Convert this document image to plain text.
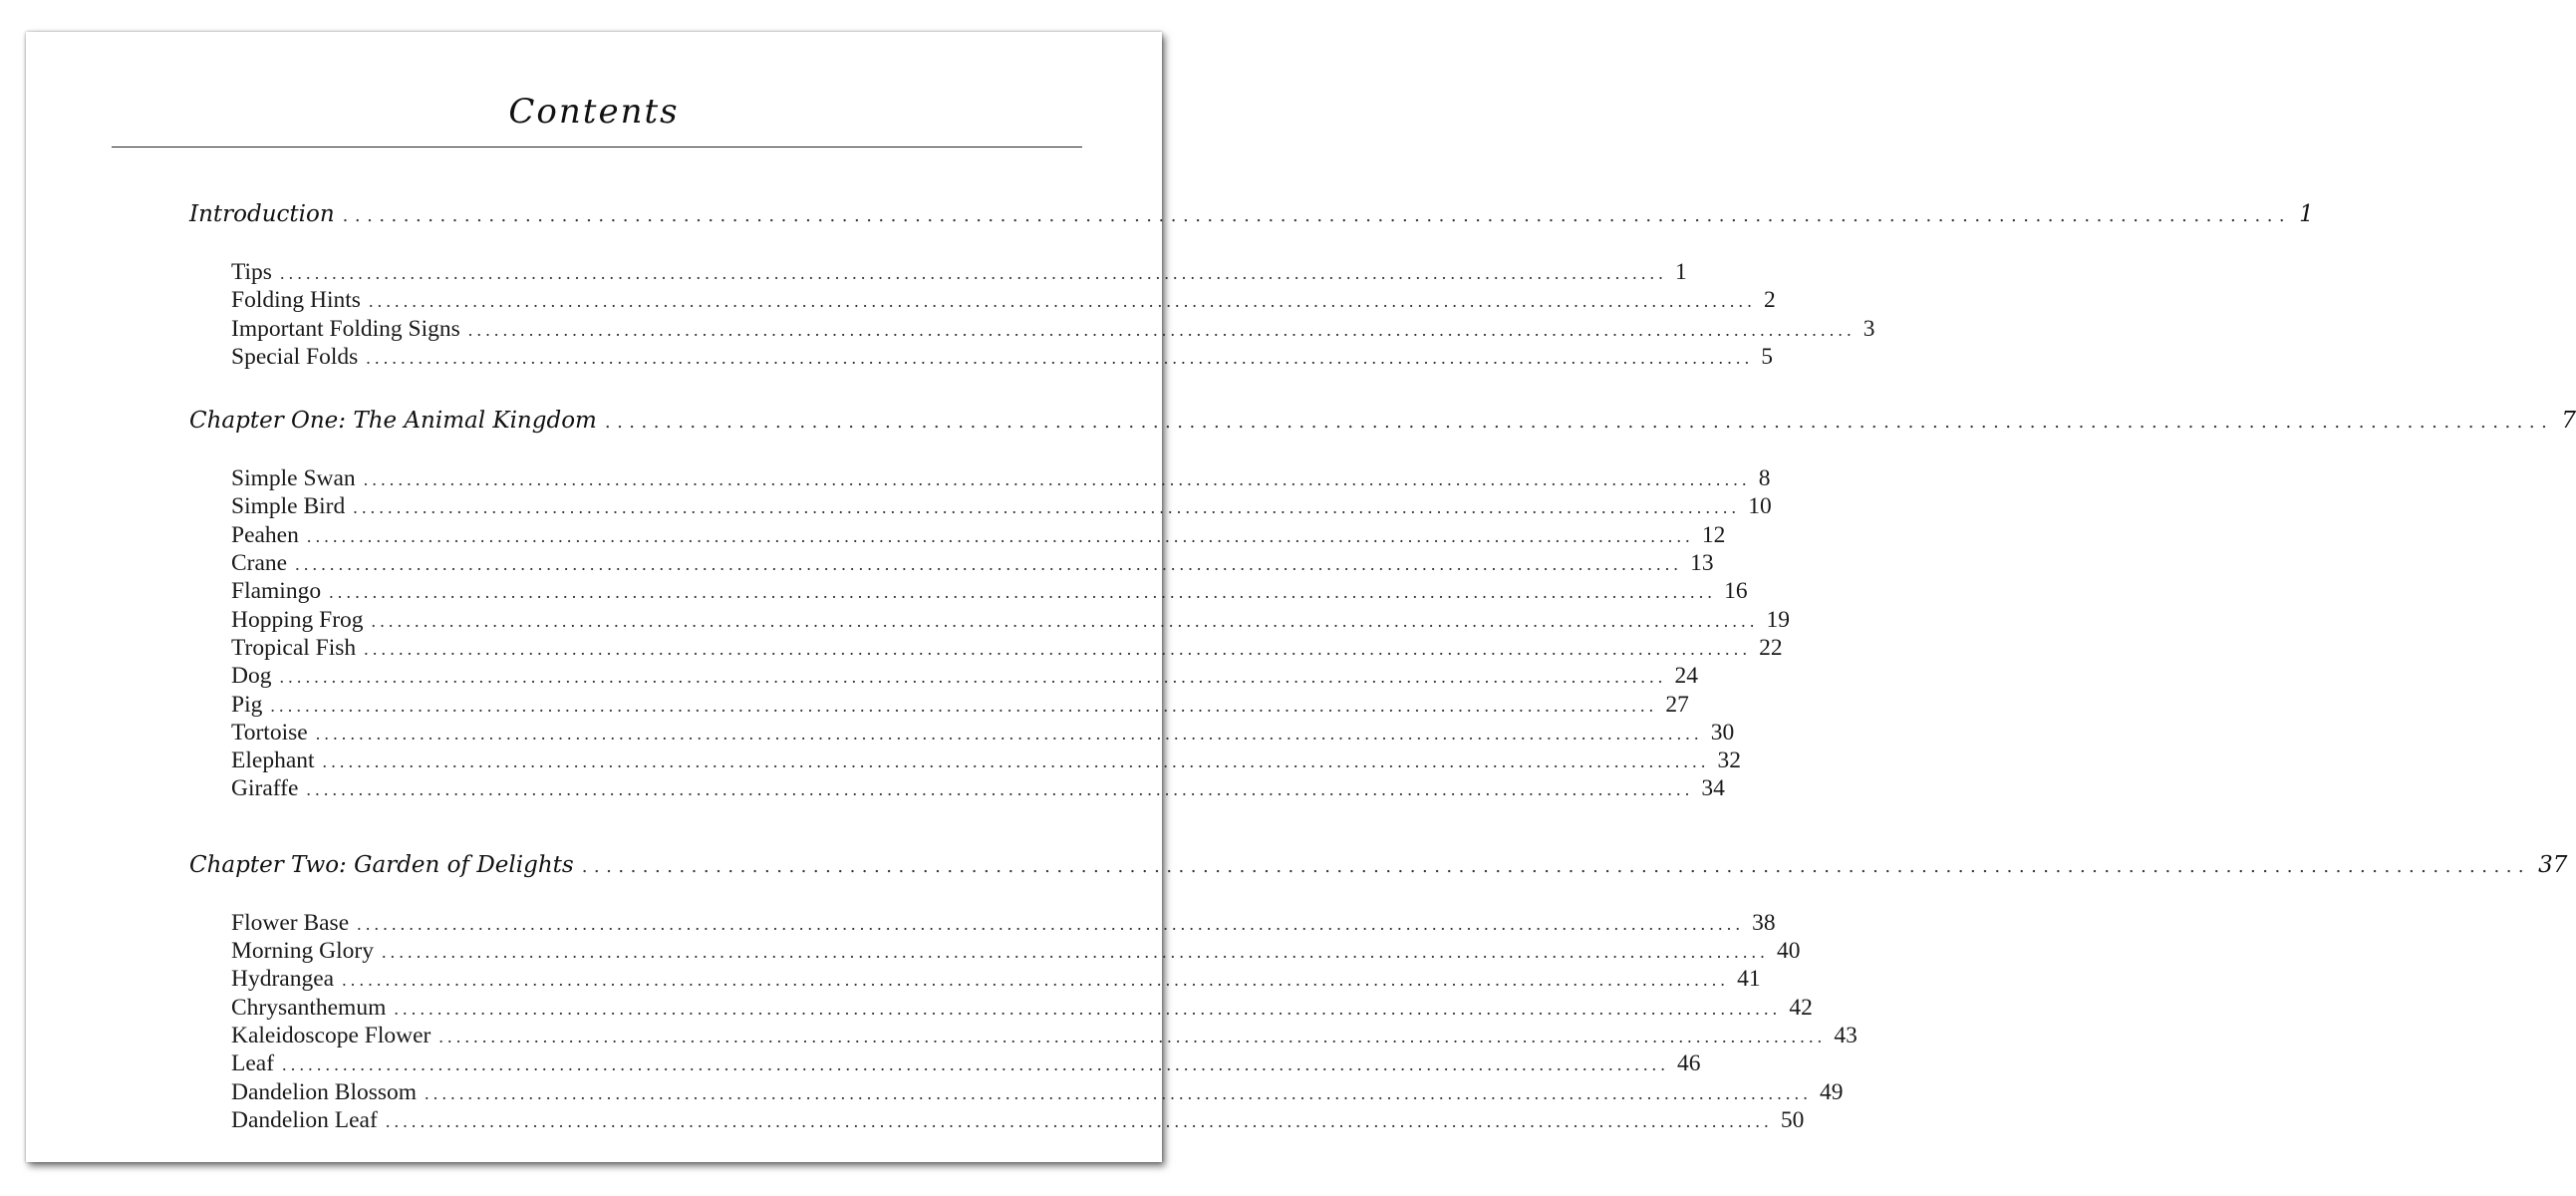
Contents
Introduction ................................................................................................................................................................ 1
Tips ................................................................................................................................................................ 1
Folding Hints ................................................................................................................................................................ 2
Important Folding Signs ................................................................................................................................................................ 3
Special Folds ................................................................................................................................................................ 5
Chapter One: The Animal Kingdom ................................................................................................................................................................ 7
Simple Swan ................................................................................................................................................................ 8
Simple Bird ................................................................................................................................................................ 10
Peahen ................................................................................................................................................................ 12
Crane ................................................................................................................................................................ 13
Flamingo ................................................................................................................................................................ 16
Hopping Frog ................................................................................................................................................................ 19
Tropical Fish ................................................................................................................................................................ 22
Dog ................................................................................................................................................................ 24
Pig ................................................................................................................................................................ 27
Tortoise ................................................................................................................................................................ 30
Elephant ................................................................................................................................................................ 32
Giraffe ................................................................................................................................................................ 34
Chapter Two: Garden of Delights ................................................................................................................................................................ 37
Flower Base ................................................................................................................................................................ 38
Morning Glory ................................................................................................................................................................ 40
Hydrangea ................................................................................................................................................................ 41
Chrysanthemum ................................................................................................................................................................ 42
Kaleidoscope Flower ................................................................................................................................................................ 43
Leaf ................................................................................................................................................................ 46
Dandelion Blossom ................................................................................................................................................................ 49
Dandelion Leaf ................................................................................................................................................................ 50
